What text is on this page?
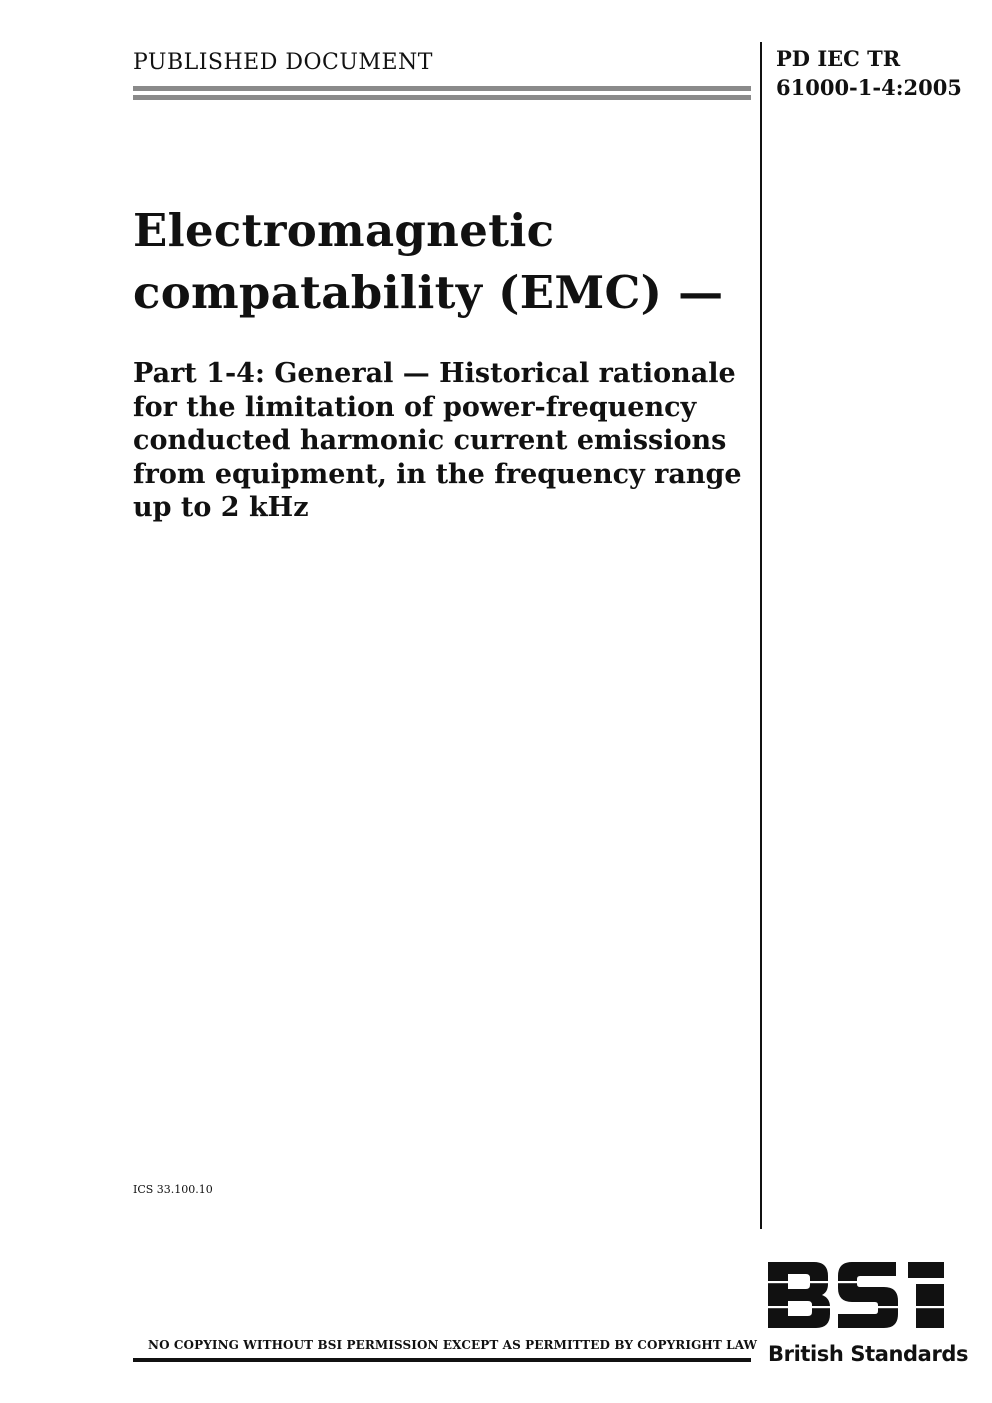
PUBLISHED DOCUMENT	PD IEC TR
61000-1-4:2005
Electromagnetic
compatability (EMC) —
Part 1-4: General — Historical rationale
for the limitation of power-frequency
conducted harmonic current emissions
from equipment, in the frequency range
up to 2 kHz
ICS 33.100.10
NO COPYING WITHOUT BSI PERMISSION EXCEPT AS PERMITTED BY COPYRIGHT LAW British Standards
